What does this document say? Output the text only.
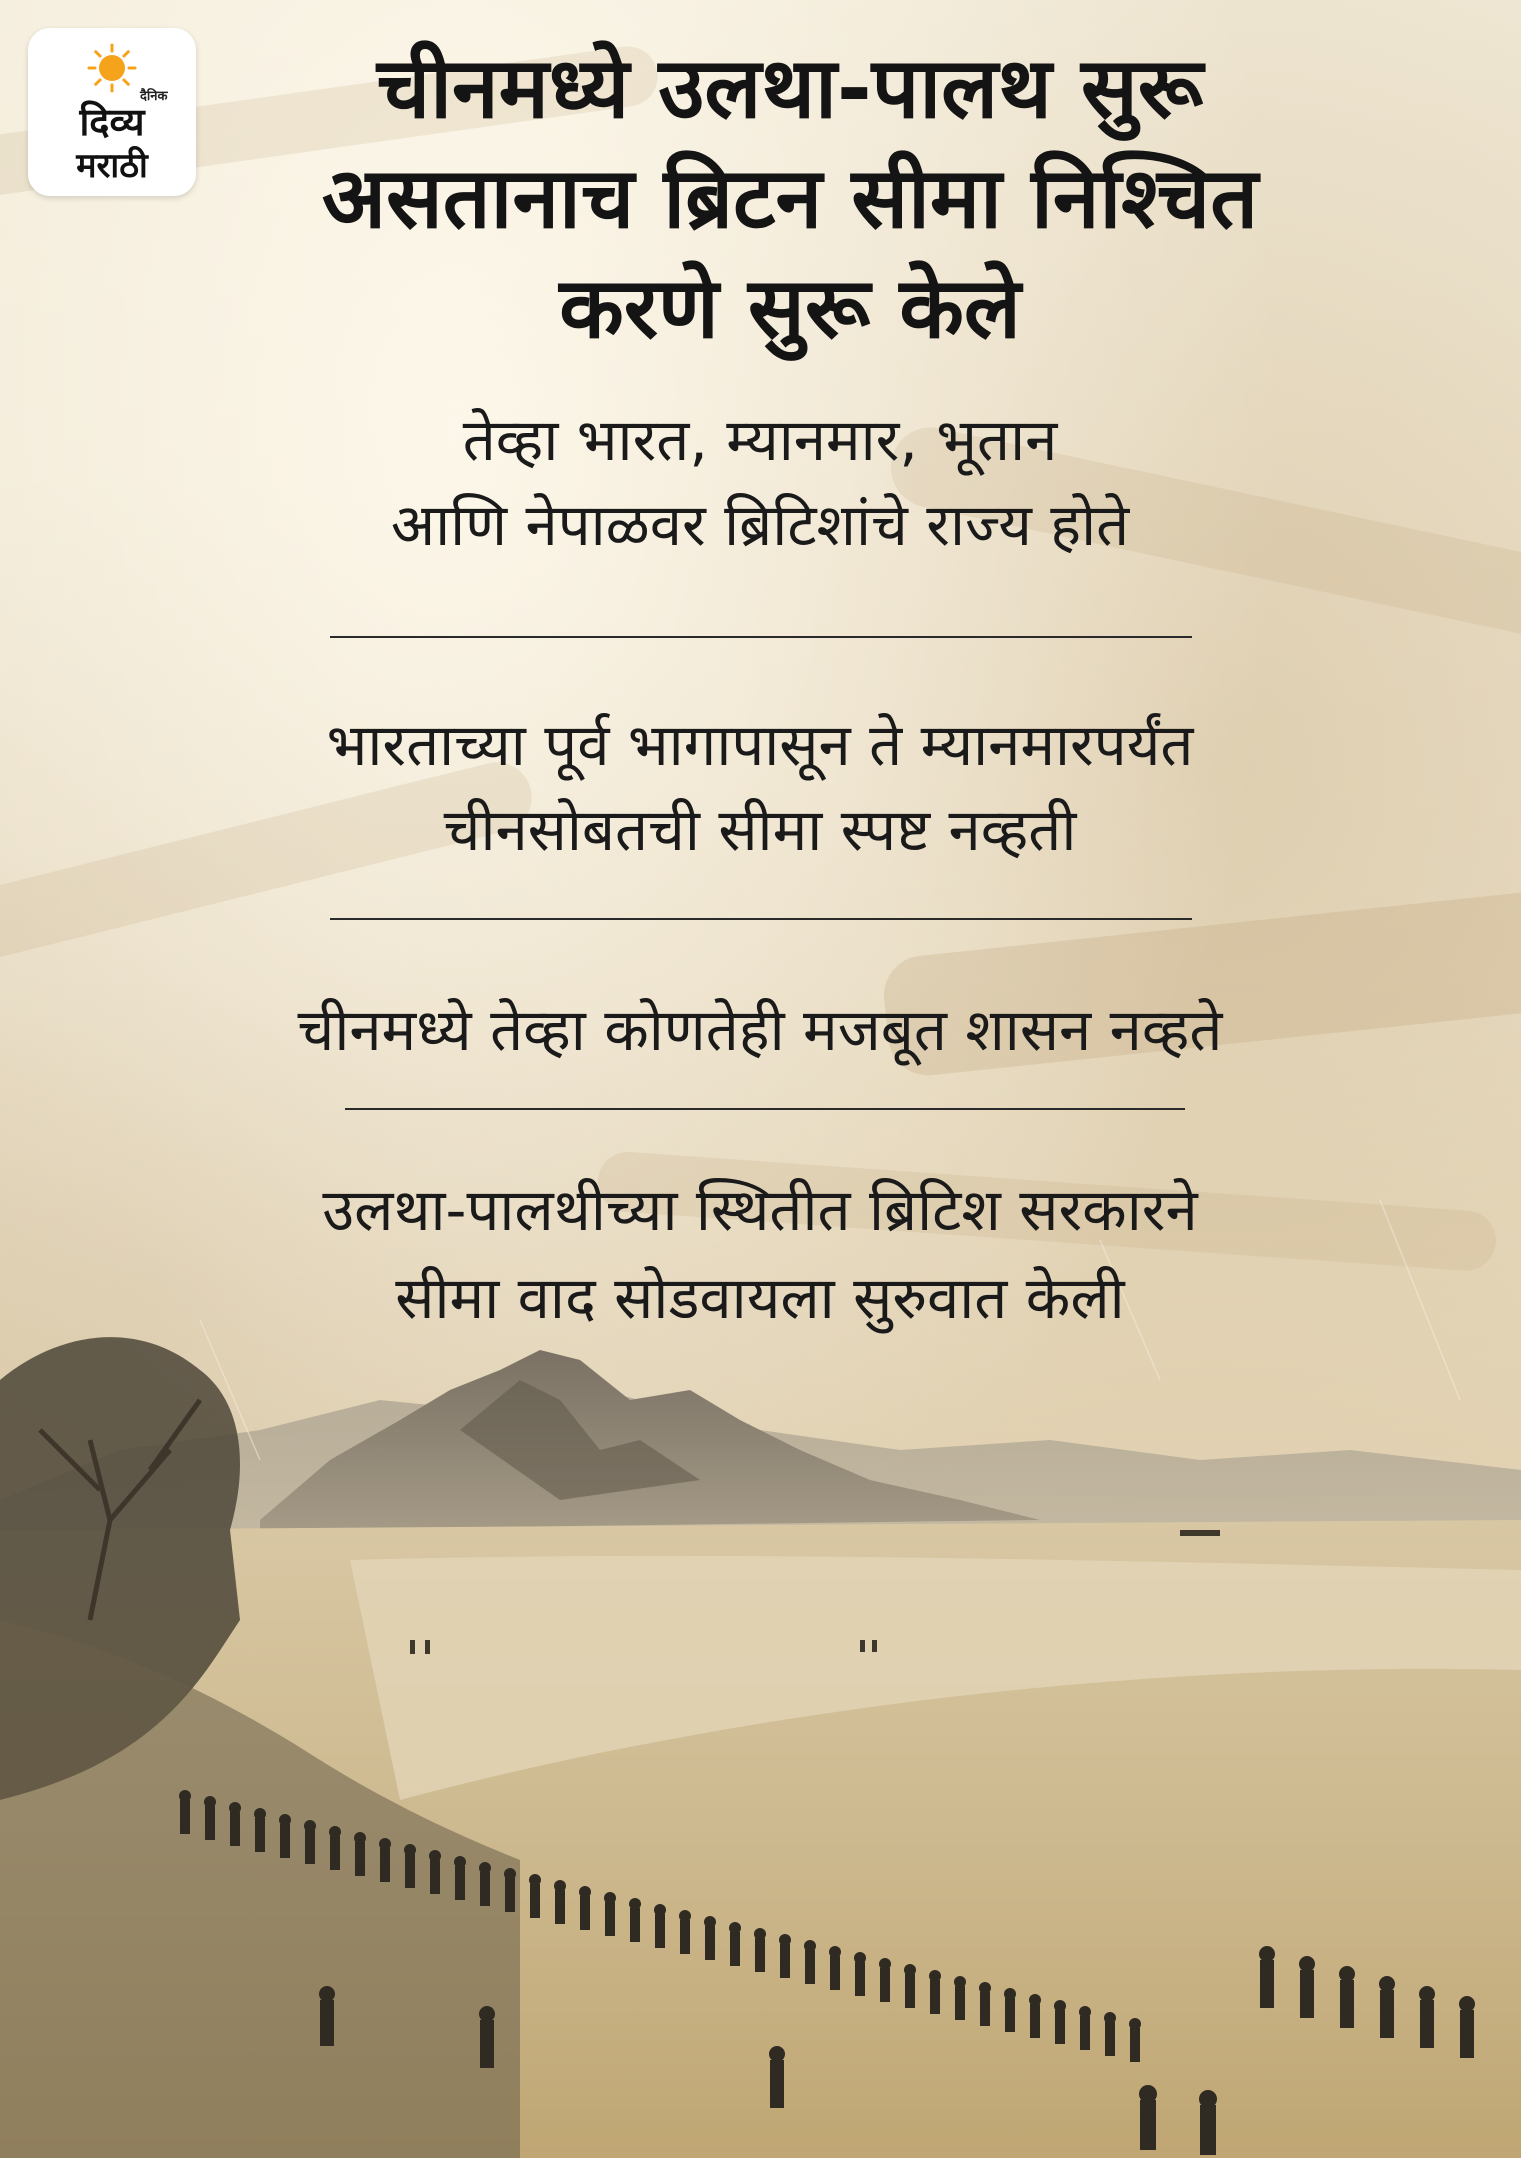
दैनिक
दिव्य
मराठी
चीनमध्ये उलथा-पालथ सुरू
असतानाच ब्रिटन सीमा निश्चित
करणे सुरू केले
तेव्हा भारत, म्यानमार, भूतान
आणि नेपाळवर ब्रिटिशांचे राज्य होते
भारताच्या पूर्व भागापासून ते म्यानमारपर्यंत
चीनसोबतची सीमा स्पष्ट नव्हती
चीनमध्ये तेव्हा कोणतेही मजबूत शासन नव्हते
उलथा-पालथीच्या स्थितीत ब्रिटिश सरकारने
सीमा वाद सोडवायला सुरुवात केली
